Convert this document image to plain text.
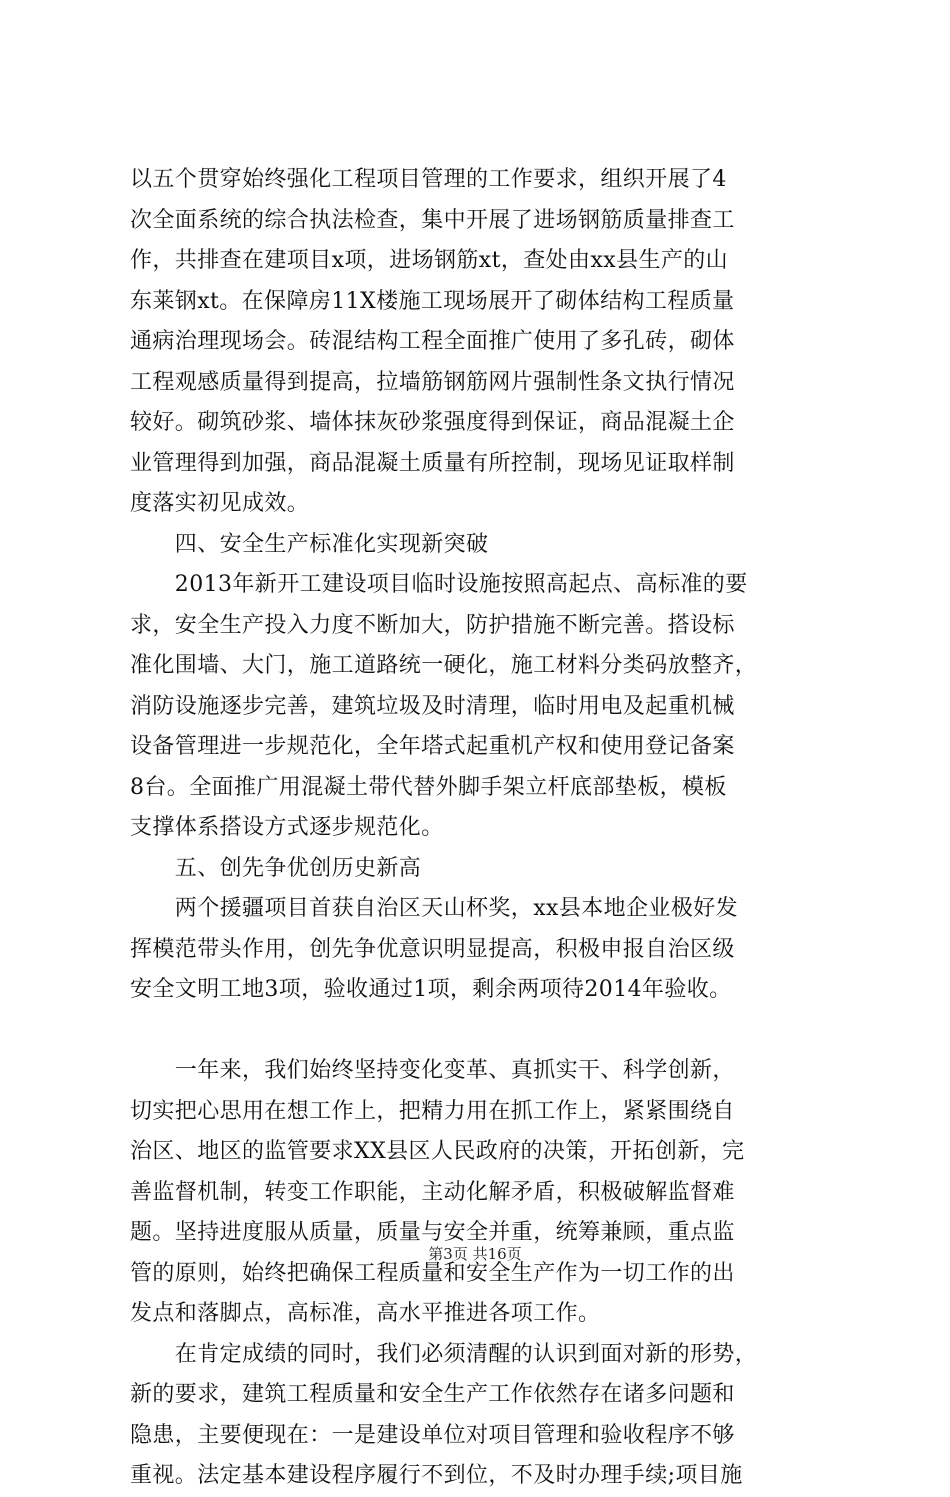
以五个贯穿始终强化工程项目管理的工作要求，组织开展了4
次全面系统的综合执法检查，集中开展了进场钢筋质量排查工
作，共排查在建项目x项，进场钢筋xt，查处由xx县生产的山
东莱钢xt。在保障房11X楼施工现场展开了砌体结构工程质量
通病治理现场会。砖混结构工程全面推广使用了多孔砖，砌体
工程观感质量得到提高，拉墙筋钢筋网片强制性条文执行情况
较好。砌筑砂浆、墙体抹灰砂浆强度得到保证，商品混凝土企
业管理得到加强，商品混凝土质量有所控制，现场见证取样制
度落实初见成效。
　　四、安全生产标准化实现新突破
　　2013年新开工建设项目临时设施按照高起点、高标准的要
求，安全生产投入力度不断加大，防护措施不断完善。搭设标
准化围墙、大门，施工道路统一硬化，施工材料分类码放整齐，
消防设施逐步完善，建筑垃圾及时清理，临时用电及起重机械
设备管理进一步规范化，全年塔式起重机产权和使用登记备案
8台。全面推广用混凝土带代替外脚手架立杆底部垫板，模板
支撑体系搭设方式逐步规范化。
　　五、创先争优创历史新高
　　两个援疆项目首获自治区天山杯奖，xx县本地企业极好发
挥模范带头作用，创先争优意识明显提高，积极申报自治区级
安全文明工地3项，验收通过1项，剩余两项待2014年验收。
　　一年来，我们始终坚持变化变革、真抓实干、科学创新，
切实把心思用在想工作上，把精力用在抓工作上，紧紧围绕自
治区、地区的监管要求XX县区人民政府的决策，开拓创新，完
善监督机制，转变工作职能，主动化解矛盾，积极破解监督难
题。坚持进度服从质量，质量与安全并重，统筹兼顾，重点监
管的原则，始终把确保工程质量和安全生产作为一切工作的出
发点和落脚点，高标准，高水平推进各项工作。
　　在肯定成绩的同时，我们必须清醒的认识到面对新的形势，
新的要求，建筑工程质量和安全生产工作依然存在诸多问题和
隐患，主要便现在：一是建设单位对项目管理和验收程序不够
重视。法定基本建设程序履行不到位，不及时办理手续;项目施
第3页 共16页
